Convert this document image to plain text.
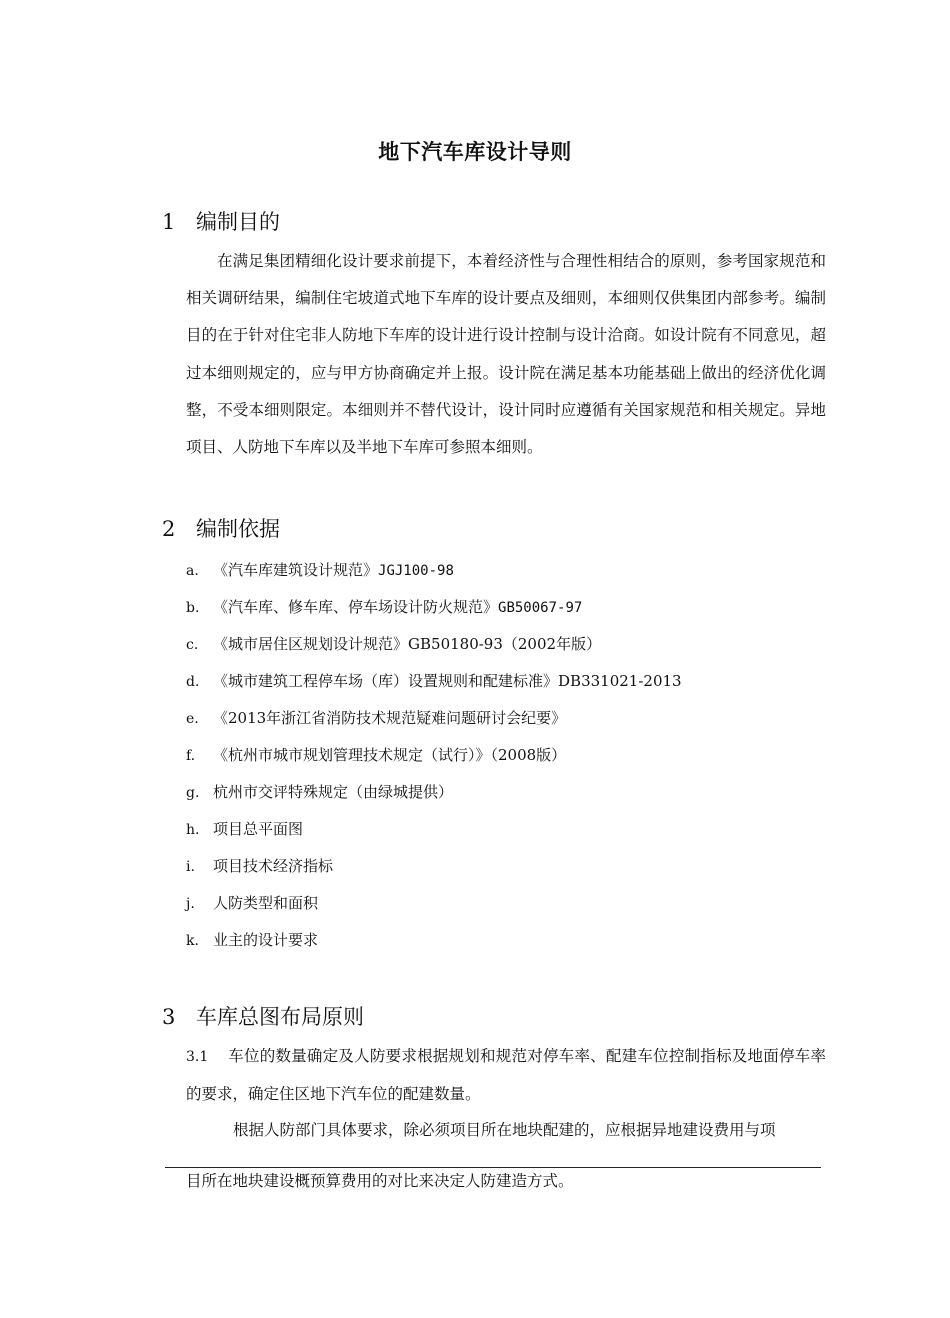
地下汽车库设计导则
1 编制目的

在满足集团精细化设计要求前提下，本着经济性与合理性相结合的原则，参考国家规范和相关调研结果，编制住宅坡道式地下车库的设计要点及细则，本细则仅供集团内部参考。编制目的在于针对住宅非人防地下车库的设计进行设计控制与设计洽商。如设计院有不同意见，超过本细则规定的，应与甲方协商确定并上报。设计院在满足基本功能基础上做出的经济优化调整，不受本细则限定。本细则并不替代设计，设计同时应遵循有关国家规范和相关规定。异地项目、人防地下车库以及半地下车库可参照本细则。

2 编制依据
a. 《汽车库建筑设计规范》JGJ100-98
b. 《汽车库、修车库、停车场设计防火规范》GB50067-97
c. 《城市居住区规划设计规范》GB50180-93（2002年版）
d. 《城市建筑工程停车场（库）设置规则和配建标准》DB331021-2013
e. 《2013年浙江省消防技术规范疑难问题研讨会纪要》
f. 《杭州市城市规划管理技术规定（试行）》（2008版）
g. 杭州市交评特殊规定（由绿城提供）
h. 项目总平面图
i. 项目技术经济指标
j. 人防类型和面积
k. 业主的设计要求
3 车库总图布局原则

3.1 车位的数量确定及人防要求根据规划和规范对停车率、配建车位控制指标及地面停车率的要求，确定住区地下汽车位的配建数量。

根据人防部门具体要求，除必须项目所在地块配建的，应根据异地建设费用与项

目所在地块建设概预算费用的对比来决定人防建造方式。
